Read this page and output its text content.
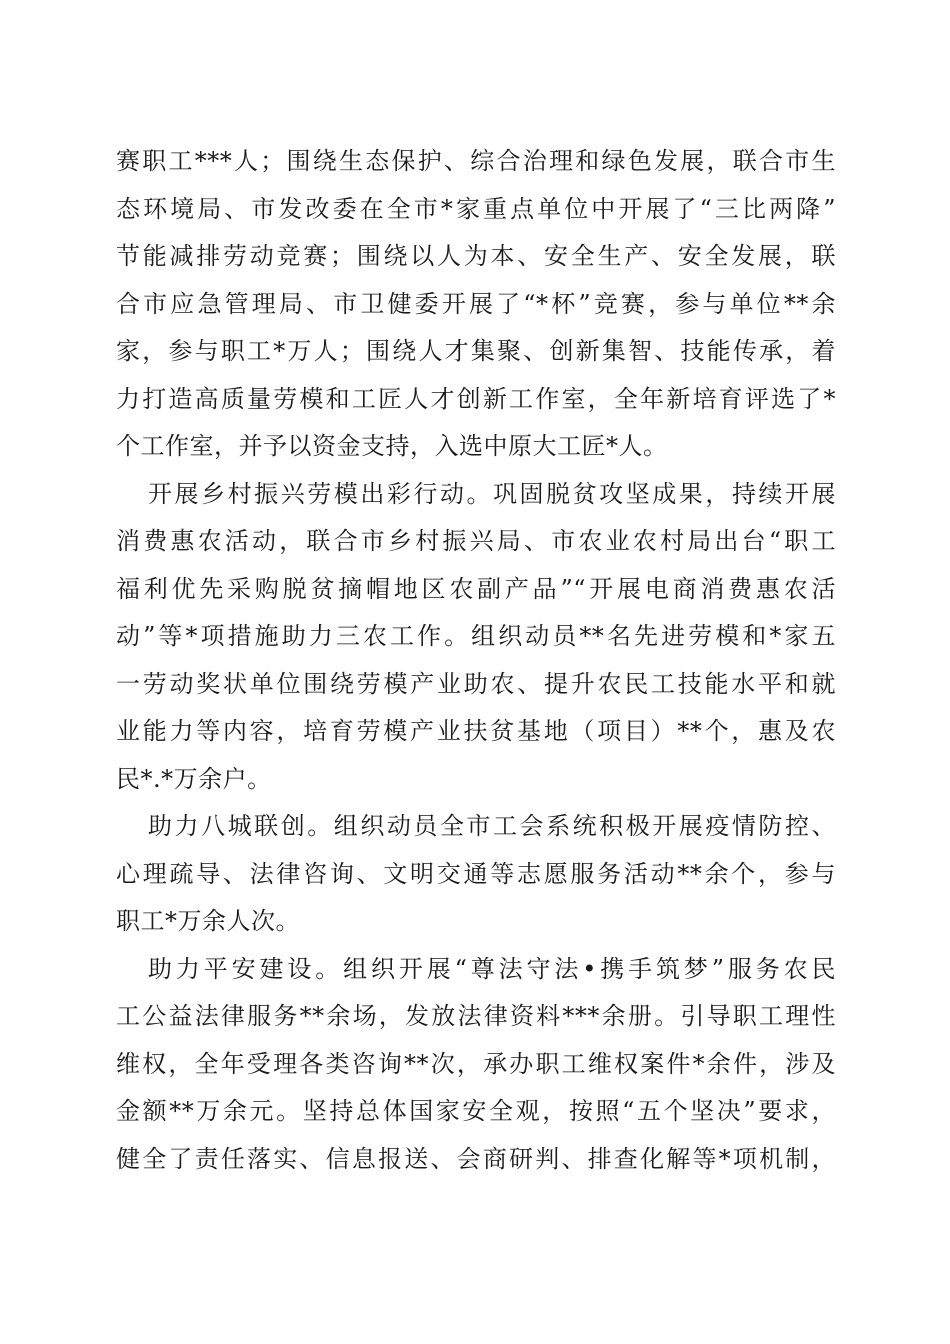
赛职工***人；围绕生态保护、综合治理和绿色发展，联合市生
态环境局、市发改委在全市*家重点单位中开展了“三比两降”
节能减排劳动竞赛；围绕以人为本、安全生产、安全发展，联
合市应急管理局、市卫健委开展了“*杯”竞赛，参与单位**余
家，参与职工*万人；围绕人才集聚、创新集智、技能传承，着
力打造高质量劳模和工匠人才创新工作室，全年新培育评选了*
个工作室，并予以资金支持，入选中原大工匠*人。
开展乡村振兴劳模出彩行动。巩固脱贫攻坚成果，持续开展
消费惠农活动，联合市乡村振兴局、市农业农村局出台“职工
福利优先采购脱贫摘帽地区农副产品”“开展电商消费惠农活
动”等*项措施助力三农工作。组织动员**名先进劳模和*家五
一劳动奖状单位围绕劳模产业助农、提升农民工技能水平和就
业能力等内容，培育劳模产业扶贫基地（项目）**个，惠及农
民*.*万余户。
助力八城联创。组织动员全市工会系统积极开展疫情防控、
心理疏导、法律咨询、文明交通等志愿服务活动**余个，参与
职工*万余人次。
助力平安建设。组织开展“尊法守法•携手筑梦”服务农民
工公益法律服务**余场，发放法律资料***余册。引导职工理性
维权，全年受理各类咨询**次，承办职工维权案件*余件，涉及
金额**万余元。坚持总体国家安全观，按照“五个坚决”要求，
健全了责任落实、信息报送、会商研判、排查化解等*项机制，
